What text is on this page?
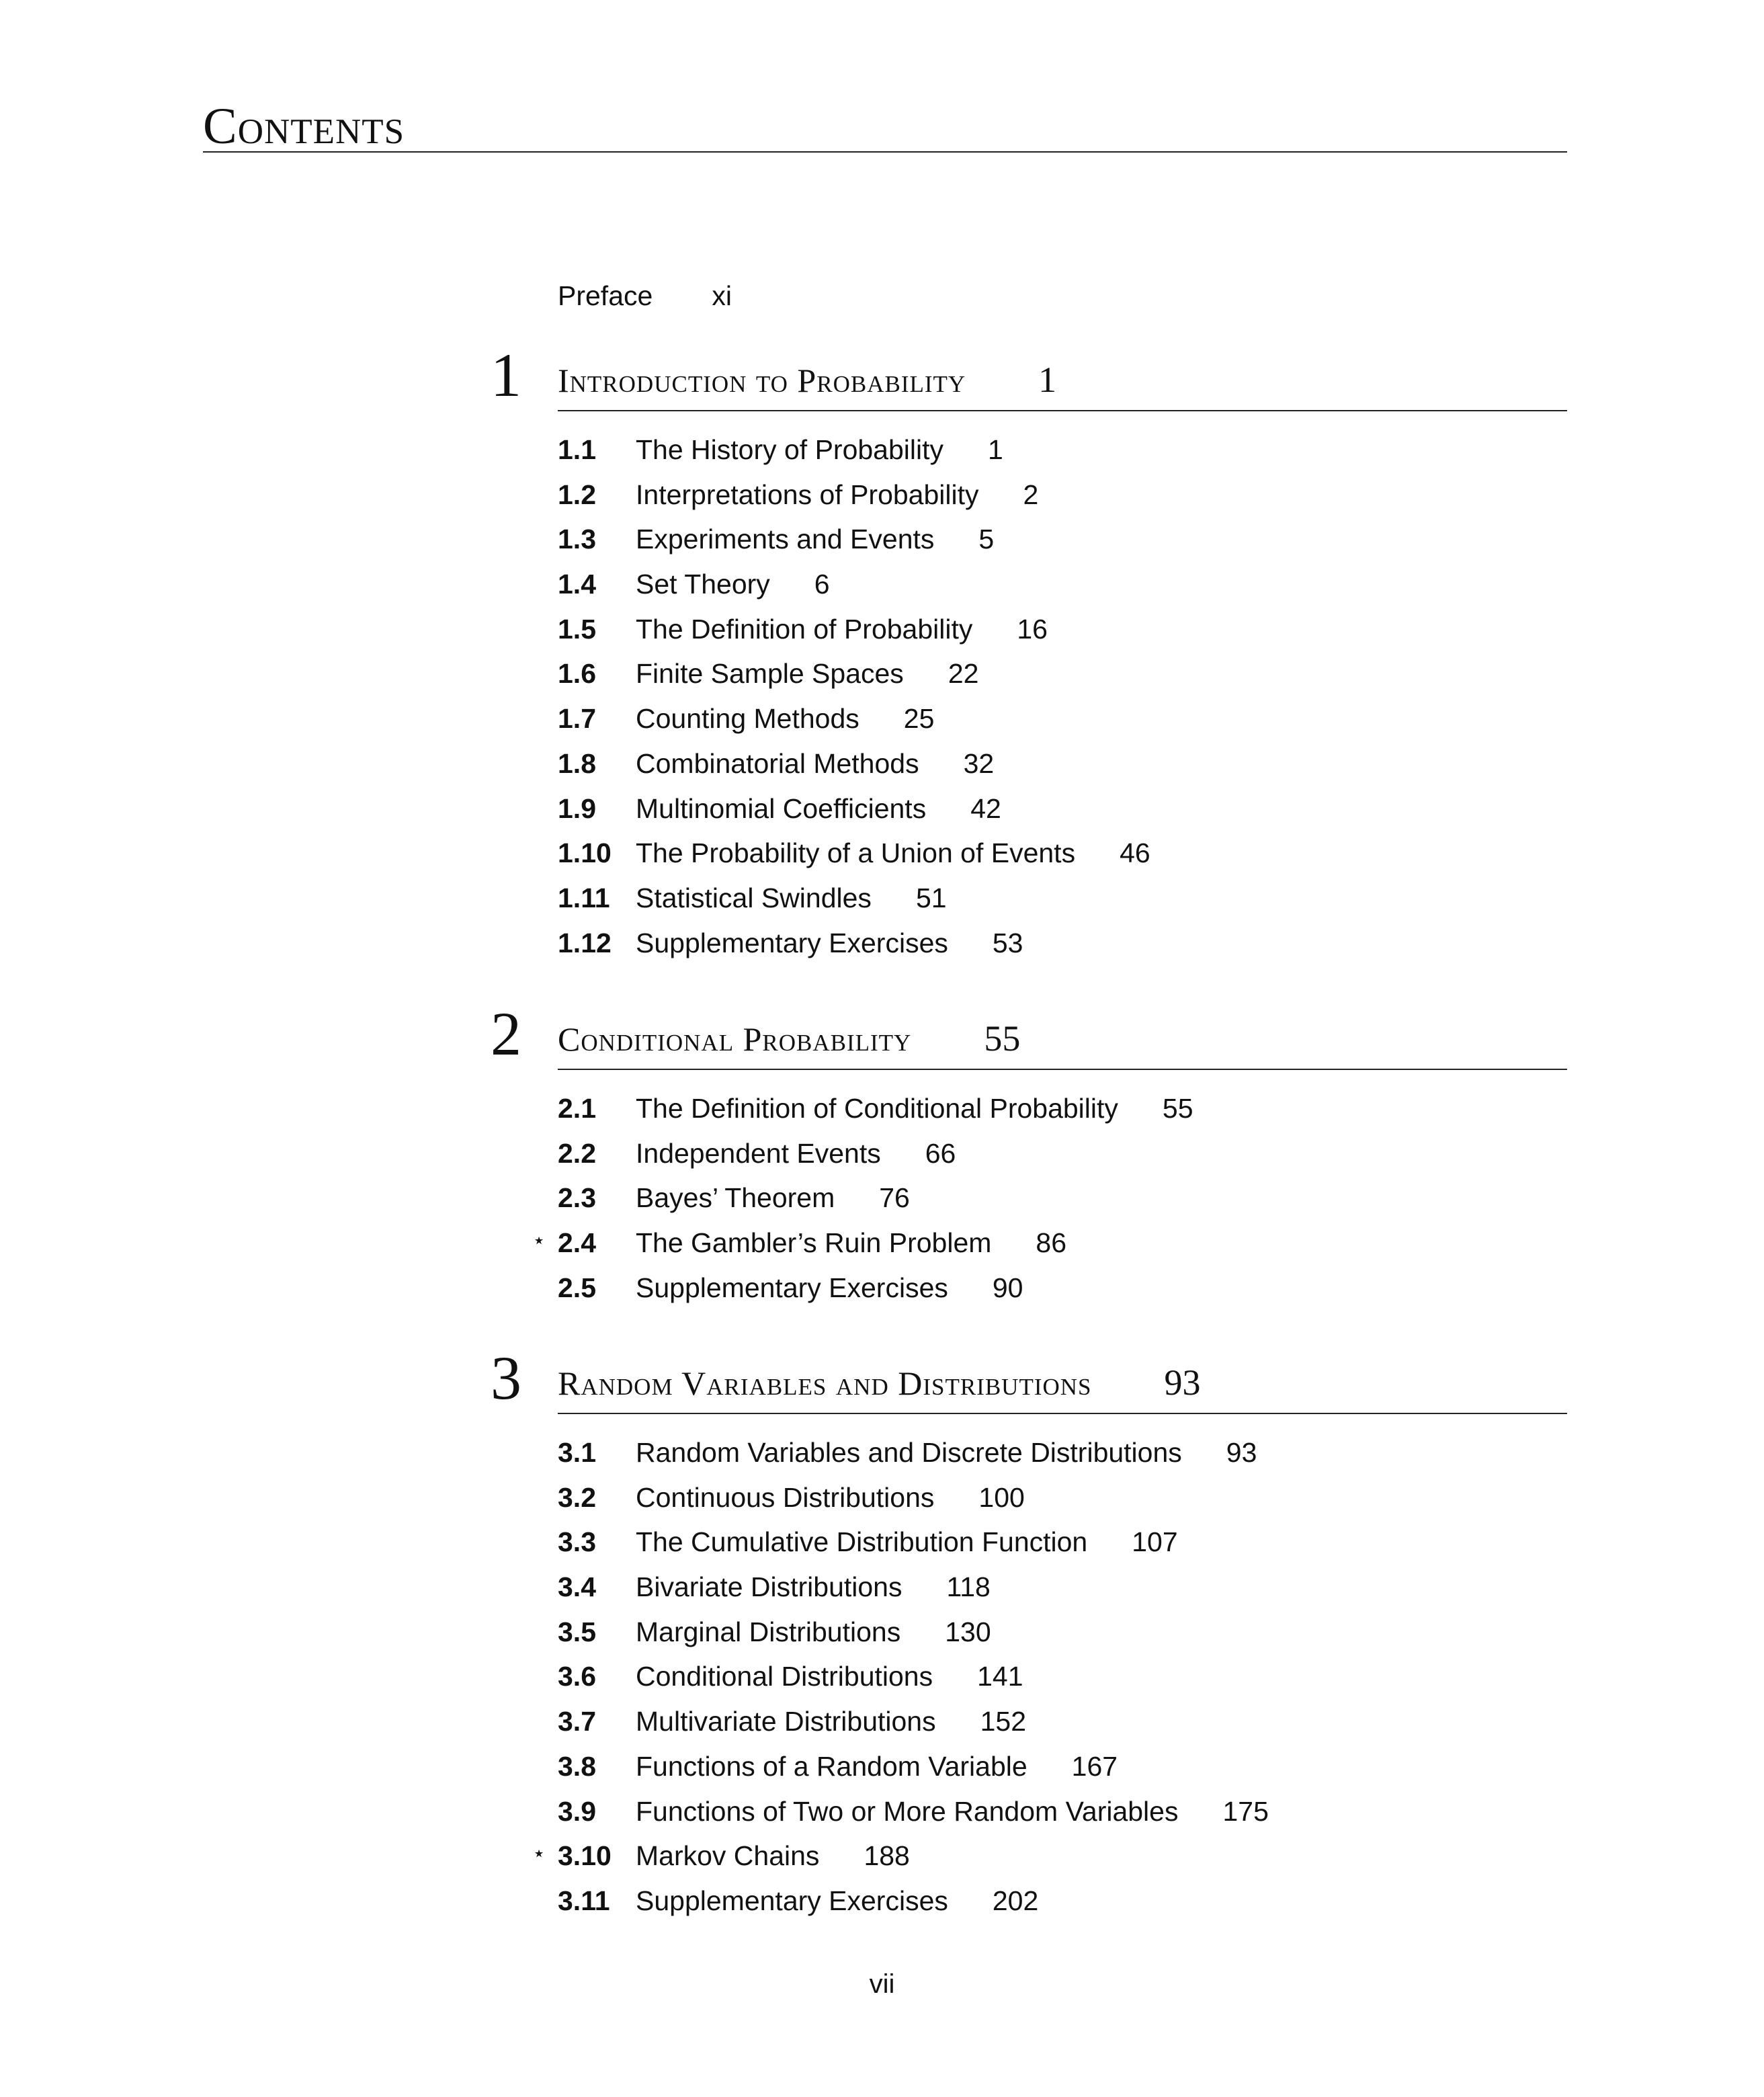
Contents
Preface xi
1 Introduction to Probability 1
1.1 The History of Probability 1
1.2 Interpretations of Probability 2
1.3 Experiments and Events 5
1.4 Set Theory 6
1.5 The Definition of Probability 16
1.6 Finite Sample Spaces 22
1.7 Counting Methods 25
1.8 Combinatorial Methods 32
1.9 Multinomial Coefficients 42
1.10 The Probability of a Union of Events 46
1.11 Statistical Swindles 51
1.12 Supplementary Exercises 53
2 Conditional Probability 55
2.1 The Definition of Conditional Probability 55
2.2 Independent Events 66
2.3 Bayes’ Theorem 76
⋆ 2.4 The Gambler’s Ruin Problem 86
2.5 Supplementary Exercises 90
3 Random Variables and Distributions 93
3.1 Random Variables and Discrete Distributions 93
3.2 Continuous Distributions 100
3.3 The Cumulative Distribution Function 107
3.4 Bivariate Distributions 118
3.5 Marginal Distributions 130
3.6 Conditional Distributions 141
3.7 Multivariate Distributions 152
3.8 Functions of a Random Variable 167
3.9 Functions of Two or More Random Variables 175
⋆ 3.10 Markov Chains 188
3.11 Supplementary Exercises 202
vii
